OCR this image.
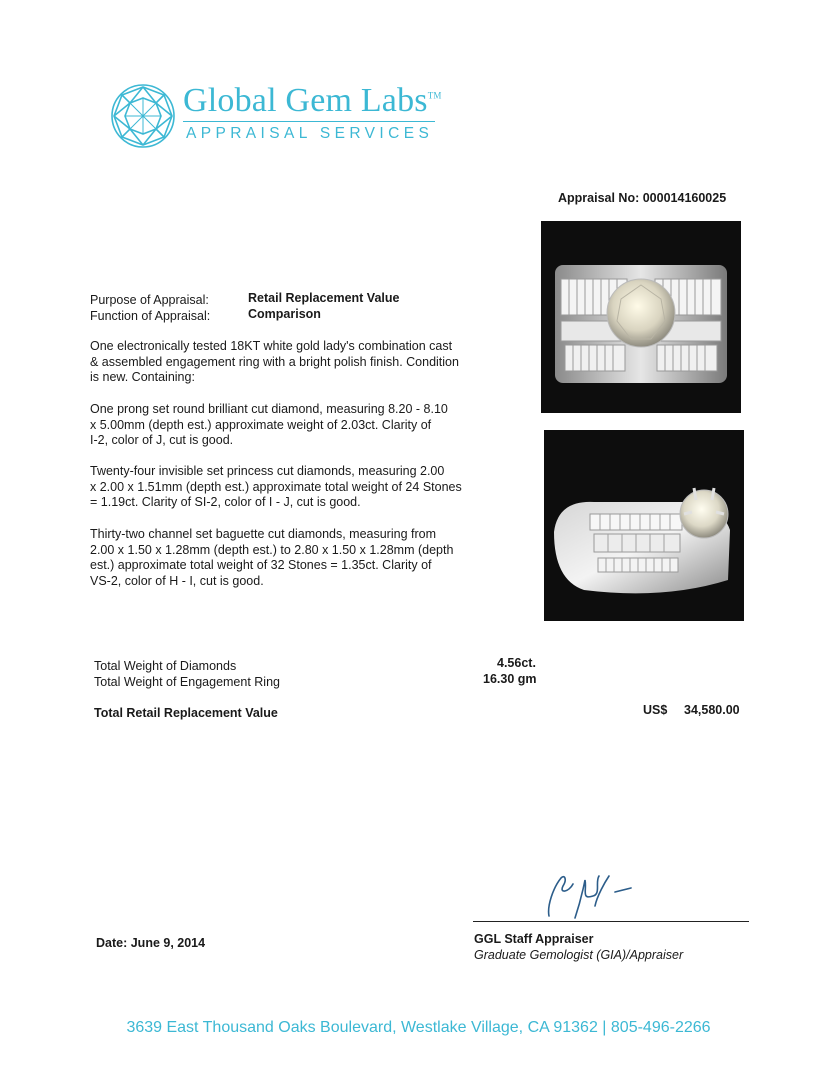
Global Gem Labs™
APPRAISAL SERVICES
Appraisal No: 000014160025
Purpose of Appraisal:	Retail Replacement Value
Function of Appraisal:	Comparison
One electronically tested 18KT white gold lady's combination cast
& assembled engagement ring with a bright polish finish. Condition
is new. Containing:
One prong set round brilliant cut diamond, measuring 8.20 - 8.10
x 5.00mm (depth est.) approximate weight of 2.03ct. Clarity of
I-2, color of J, cut is good.
Twenty-four invisible set princess cut diamonds, measuring 2.00
x 2.00 x 1.51mm (depth est.) approximate total weight of 24 Stones
= 1.19ct. Clarity of SI-2, color of I - J, cut is good.
Thirty-two channel set baguette cut diamonds, measuring from
2.00 x 1.50 x 1.28mm (depth est.) to 2.80 x 1.50 x 1.28mm (depth
est.) approximate total weight of 32 Stones = 1.35ct. Clarity of
VS-2, color of H - I, cut is good.
Total Weight of Diamonds	4.56ct.
Total Weight of Engagement Ring	16.30 gm
Total Retail Replacement Value	US$ 34,580.00
Date: June 9, 2014	GGL Staff Appraiser
Graduate Gemologist (GIA)/Appraiser
3639 East Thousand Oaks Boulevard, Westlake Village, CA 91362 | 805-496-2266
